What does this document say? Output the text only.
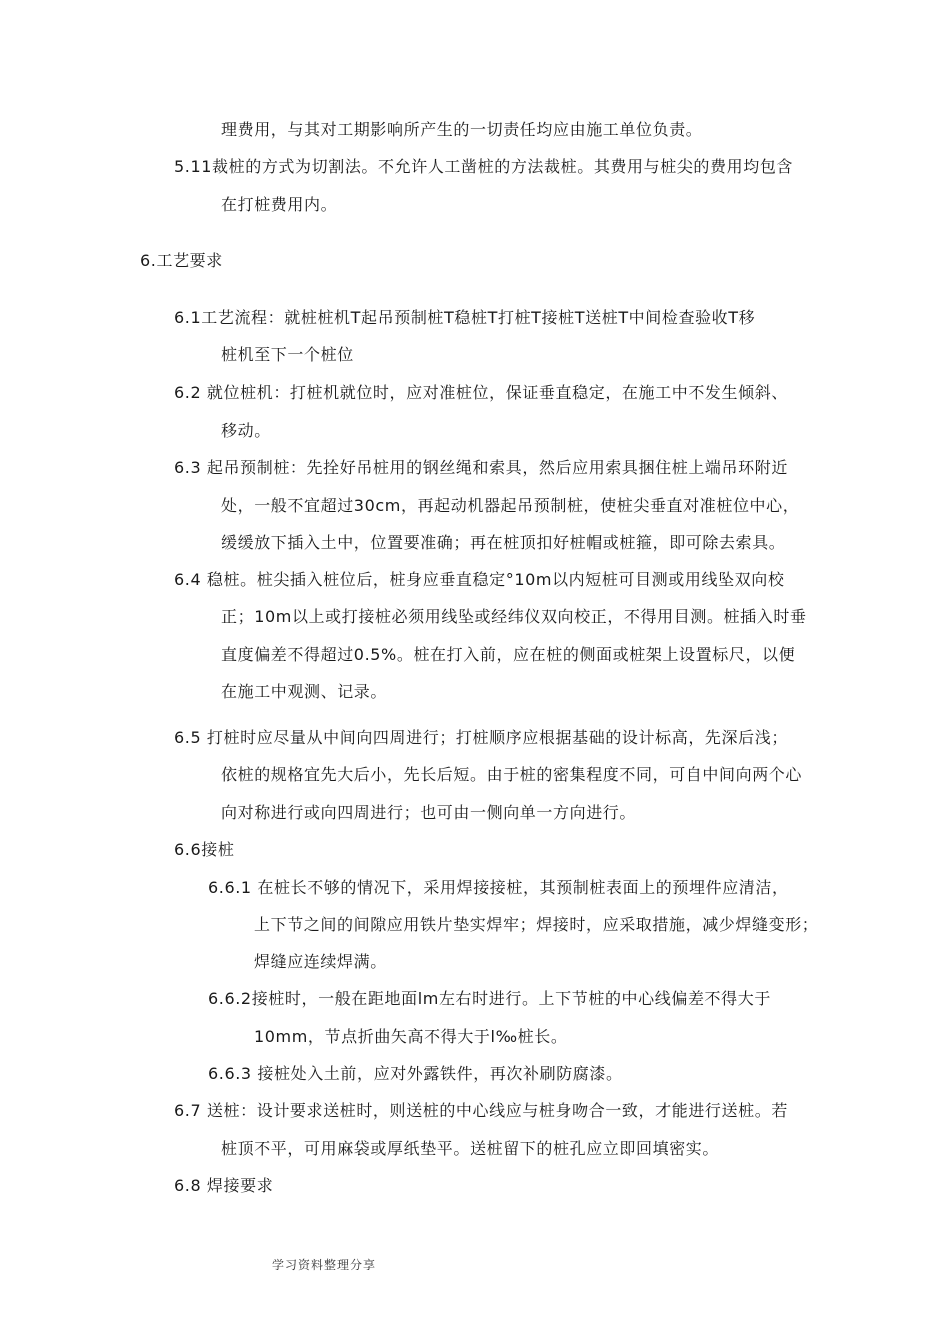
理费用，与其对工期影响所产生的一切责任均应由施工单位负责。
5.11裁桩的方式为切割法。不允许人工凿桩的方法裁桩。其费用与桩尖的费用均包含
在打桩费用内。
6.工艺要求
6.1工艺流程：就桩桩机T起吊预制桩T稳桩T打桩T接桩T送桩T中间检查验收T移
桩机至下一个桩位
6.2 就位桩机：打桩机就位时，应对准桩位，保证垂直稳定，在施工中不发生倾斜、
移动。
6.3 起吊预制桩：先拴好吊桩用的钢丝绳和索具，然后应用索具捆住桩上端吊环附近
处，一般不宜超过30cm，再起动机器起吊预制桩，使桩尖垂直对准桩位中心，
缓缓放下插入土中，位置要准确；再在桩顶扣好桩帽或桩箍，即可除去索具。
6.4 稳桩。桩尖插入桩位后，桩身应垂直稳定°10m以内短桩可目测或用线坠双向校
正；10m以上或打接桩必须用线坠或经纬仪双向校正，不得用目测。桩插入时垂
直度偏差不得超过0.5%。桩在打入前，应在桩的侧面或桩架上设置标尺，以便
在施工中观测、记录。
6.5 打桩时应尽量从中间向四周进行；打桩顺序应根据基础的设计标高，先深后浅；
依桩的规格宜先大后小，先长后短。由于桩的密集程度不同，可自中间向两个心
向对称进行或向四周进行；也可由一侧向单一方向进行。
6.6接桩
6.6.1 在桩长不够的情况下，采用焊接接桩，其预制桩表面上的预埋件应清洁，
上下节之间的间隙应用铁片垫实焊牢；焊接时，应采取措施，减少焊缝变形；
焊缝应连续焊满。
6.6.2接桩时，一般在距地面lm左右时进行。上下节桩的中心线偏差不得大于
10mm，节点折曲矢高不得大于l‰桩长。
6.6.3 接桩处入土前，应对外露铁件，再次补刷防腐漆。
6.7 送桩：设计要求送桩时，则送桩的中心线应与桩身吻合一致，才能进行送桩。若
桩顶不平，可用麻袋或厚纸垫平。送桩留下的桩孔应立即回填密实。
6.8 焊接要求
学习资料整理分享
